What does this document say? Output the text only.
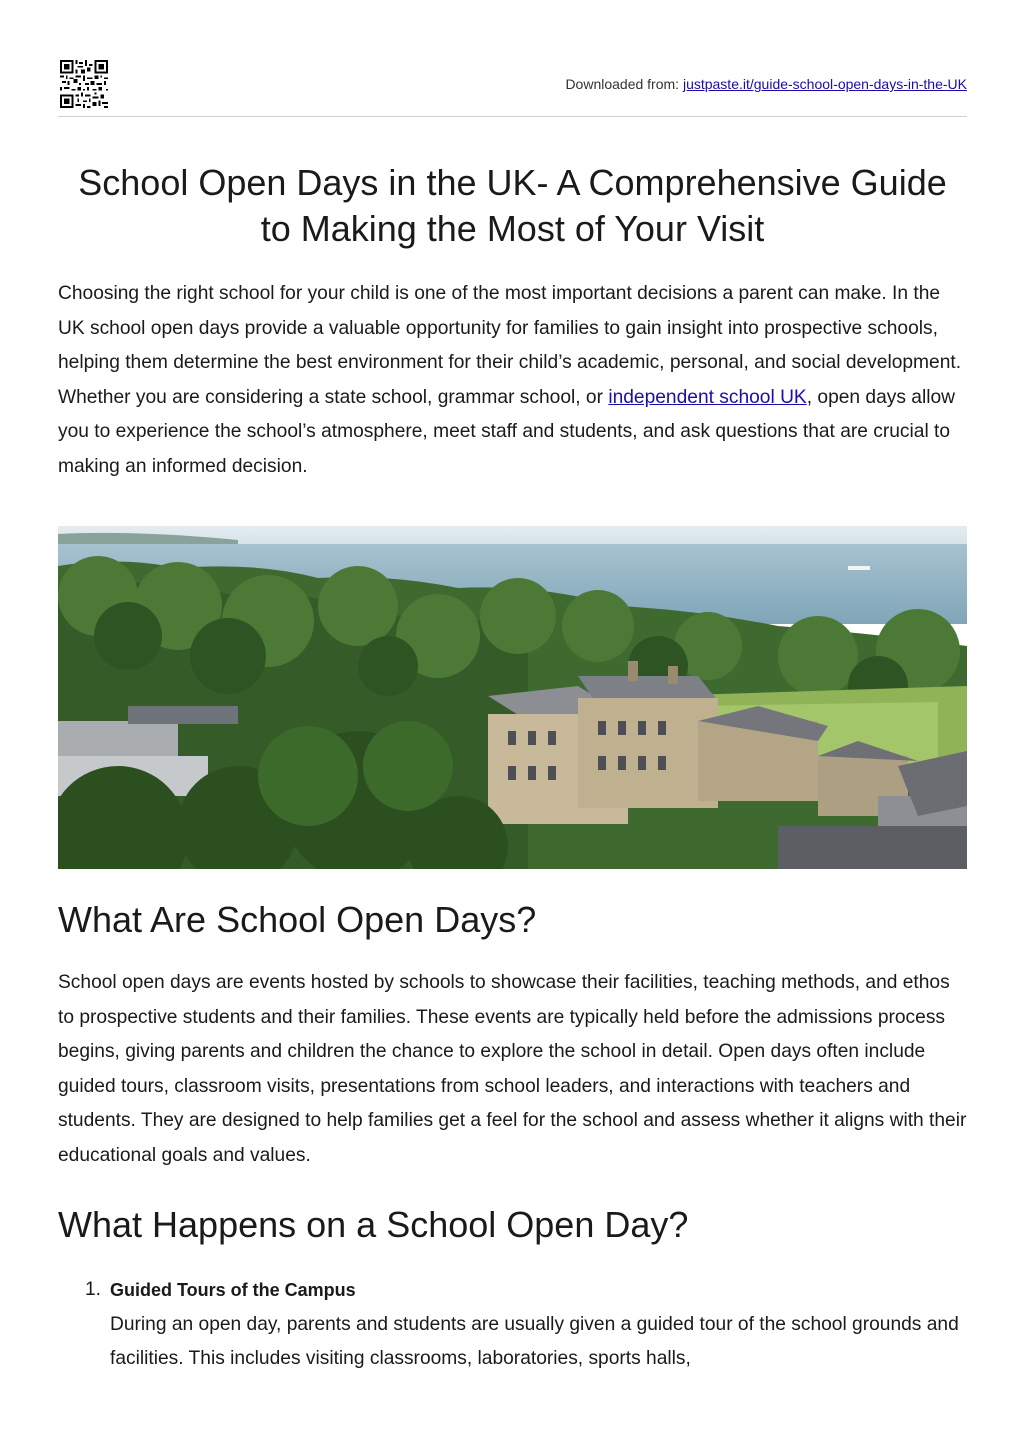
Downloaded from: justpaste.it/guide-school-open-days-in-the-UK
School Open Days in the UK- A Comprehensive Guide
to Making the Most of Your Visit

Choosing the right school for your child is one of the most important decisions a parent can make. In the UK school open days provide a valuable opportunity for families to gain insight into prospective schools, helping them determine the best environment for their child’s academic, personal, and social development. Whether you are considering a state school, grammar school, or independent school UK, open days allow you to experience the school’s atmosphere, meet staff and students, and ask questions that are crucial to making an informed decision.

What Are School Open Days?

School open days are events hosted by schools to showcase their facilities, teaching methods, and ethos to prospective students and their families. These events are typically held before the admissions process begins, giving parents and children the chance to explore the school in detail. Open days often include guided tours, classroom visits, presentations from school leaders, and interactions with teachers and students. They are designed to help families get a feel for the school and assess whether it aligns with their educational goals and values.

What Happens on a School Open Day?
1. Guided Tours of the Campus
During an open day, parents and students are usually given a guided tour of the school grounds and facilities. This includes visiting classrooms, laboratories, sports halls,
